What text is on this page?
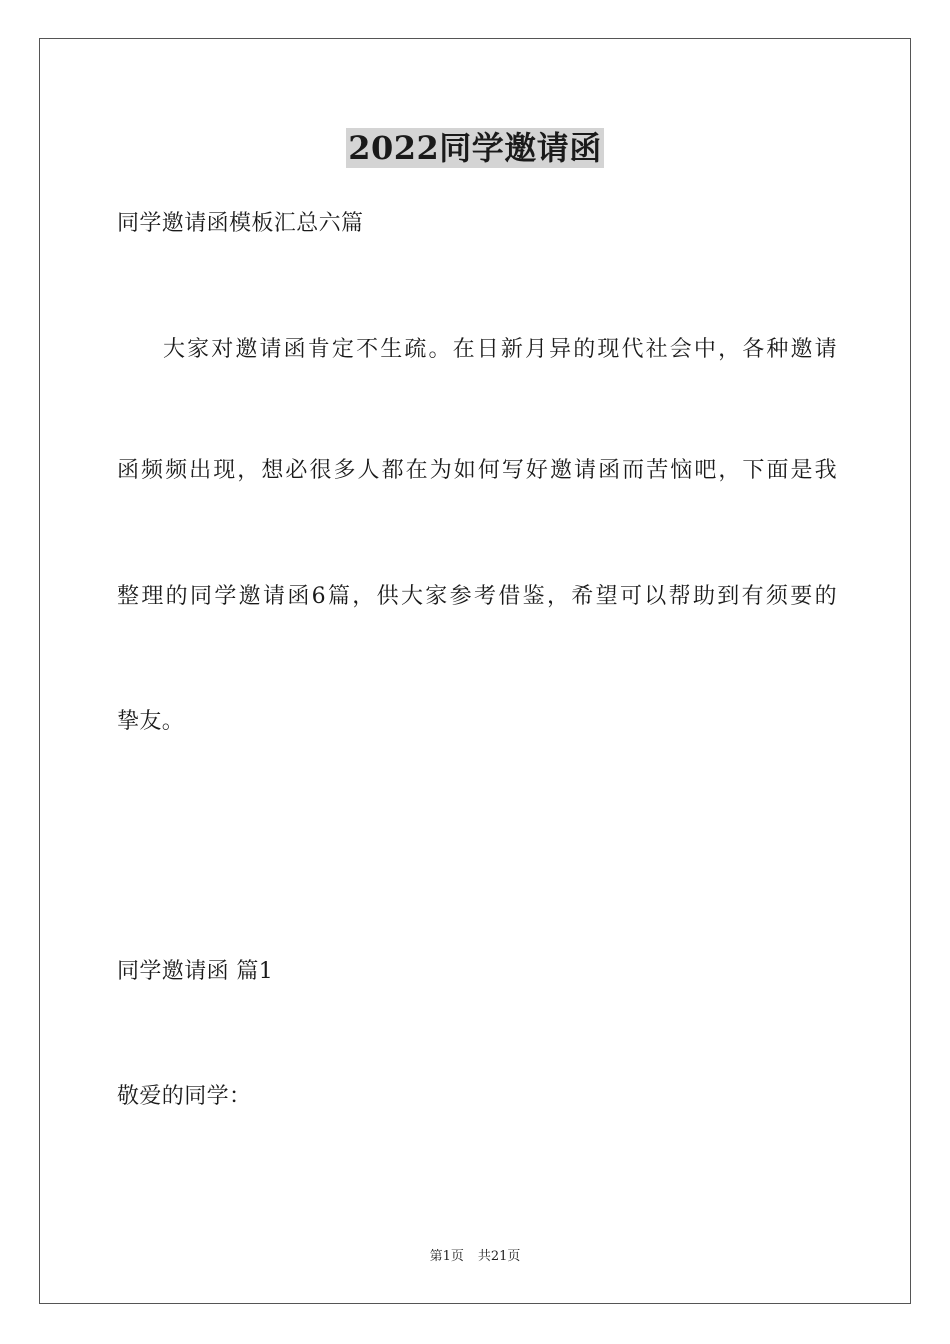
2022同学邀请函
同学邀请函模板汇总六篇
大家对邀请函肯定不生疏。在日新月异的现代社会中，各种邀请
函频频出现，想必很多人都在为如何写好邀请函而苦恼吧，下面是我
整理的同学邀请函6篇，供大家参考借鉴，希望可以帮助到有须要的
挚友。
同学邀请函 篇1
敬爱的同学：
第1页 共21页
